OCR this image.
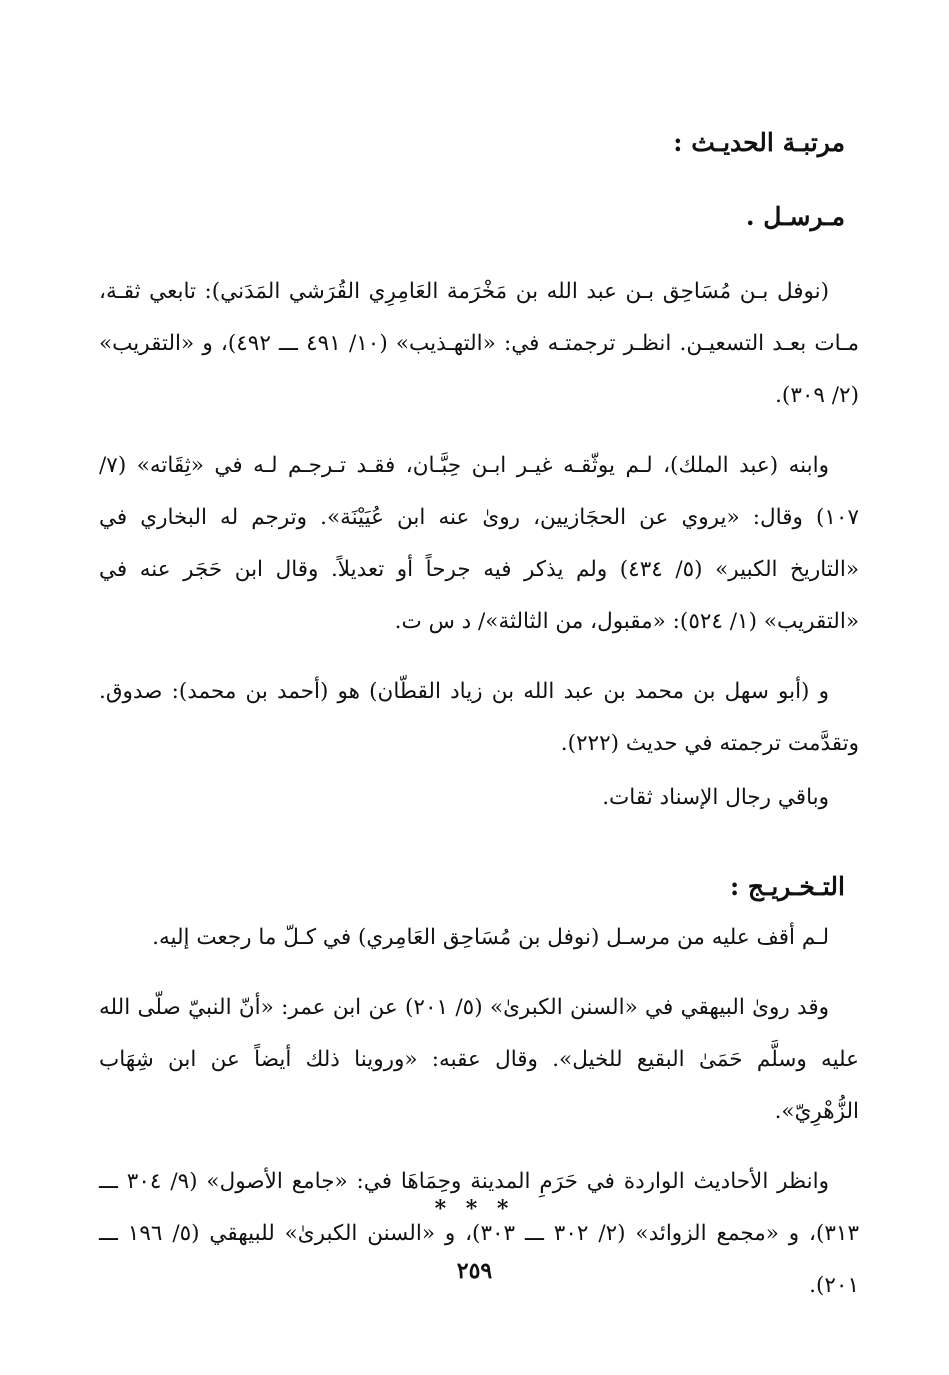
مرتبـة الحديـث :

مـرسـل .

(نوفل بـن مُسَاحِق بـن عبد الله بن مَخْرَمة العَامِرِي القُرَشي المَدَني): تابعي ثقـة، مـات بعـد التسعيـن. انظـر ترجمتـه في: «التهـذيب» (١٠/ ٤٩١ ـــ ٤٩٢)، و «التقريب» (٢/ ٣٠٩).

وابنه (عبد الملك)، لـم يوثّقـه غيـر ابـن حِبَّـان، فقـد تـرجـم لـه في «ثِقَاته» (٧/ ١٠٧) وقال: «يروي عن الحجَازيين، روىٰ عنه ابن عُيَيْنَة». وترجم له البخاري في «التاريخ الكبير» (٥/ ٤٣٤) ولم يذكر فيه جرحاً أو تعديلاً. وقال ابن حَجَر عنه في «التقريب» (١/ ٥٢٤): «مقبول، من الثالثة»/ د س ت.

و (أبو سهل بن محمد بن عبد الله بن زياد القطّان) هو (أحمد بن محمد): صدوق. وتقدَّمت ترجمته في حديث (٢٢٢).

وباقي رجال الإسناد ثقات.

التـخـريـج :

لـم أقف عليه من مرسـل (نوفل بن مُسَاحِق العَامِري) في كـلّ ما رجعت إليه.

وقد روىٰ البيهقي في «السنن الكبرىٰ» (٥/ ٢٠١) عن ابن عمر: «أنّ النبيّ صلّى الله عليه وسلَّم حَمَىٰ البقيع للخيل». وقال عقبه: «وروينا ذلك أيضاً عن ابن شِهَاب الزُّهْرِيّ».

وانظر الأحاديث الواردة في حَرَمِ المدينة وحِمَاهَا في: «جامع الأصول» (٩/ ٣٠٤ ـــ ٣١٣)، و «مجمع الزوائد» (٢/ ٣٠٢ ـــ ٣٠٣)، و «السنن الكبرىٰ» للبيهقي (٥/ ١٩٦ ـــ ٢٠١).

* * *
٢٥٩
